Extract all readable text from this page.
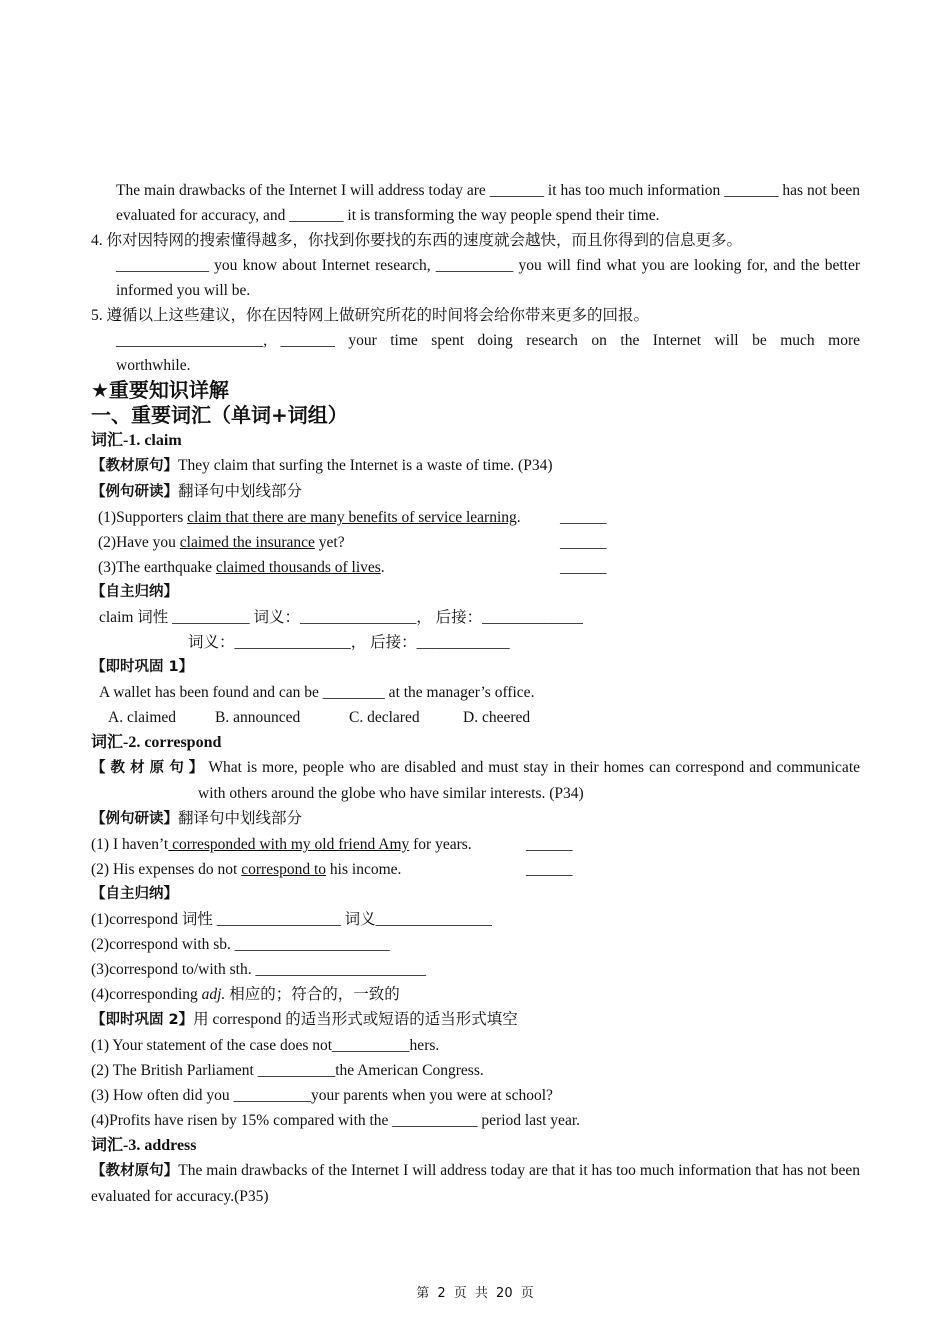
The main drawbacks of the Internet I will address today are _______ it has too much information _______ has not been evaluated for accuracy, and _______ it is transforming the way people spend their time.
4. 你对因特网的搜索懂得越多，你找到你要找的东西的速度就会越快，而且你得到的信息更多。
____________ you know about Internet research, __________ you will find what you are looking for, and the better informed you will be.
5. 遵循以上这些建议，你在因特网上做研究所花的时间将会给你带来更多的回报。
___________________, _______ your time spent doing research on the Internet will be much more
worthwhile.
★重要知识详解
一、重要词汇（单词+词组）
词汇-1. claim
【教材原句】They claim that surfing the Internet is a waste of time. (P34)
【例句研读】翻译句中划线部分
(1)Supporters claim that there are many benefits of service learning.	______
(2)Have you claimed the insurance yet?	______
(3)The earthquake claimed thousands of lives.	______
【自主归纳】
claim 词性 __________ 词义：_______________， 后接：_____________
词义：_______________， 后接：____________
【即时巩固 1】
A wallet has been found and can be ________ at the manager’s office.
A. claimed	B. announced	C. declared	D. cheered
词汇-2. correspond
【教材原句】What is more, people who are disabled and must stay in their homes can correspond and communicate with others around the globe who have similar interests. (P34)
【例句研读】翻译句中划线部分
(1) I haven’t corresponded with my old friend Amy for years.	______
(2) His expenses do not correspond to his income.	______
【自主归纳】
(1)correspond 词性 ________________ 词义_______________
(2)correspond with sb. ____________________
(3)correspond to/with sth. ______________________
(4)corresponding adj. 相应的；符合的，一致的
【即时巩固 2】用 correspond 的适当形式或短语的适当形式填空
(1) Your statement of the case does not__________hers.
(2) The British Parliament __________the American Congress.
(3) How often did you __________your parents when you were at school?
(4)Profits have risen by 15% compared with the ___________ period last year.
词汇-3. address
【教材原句】The main drawbacks of the Internet I will address today are that it has too much information that has not been evaluated for accuracy.(P35)
第 2 页 共 20 页
